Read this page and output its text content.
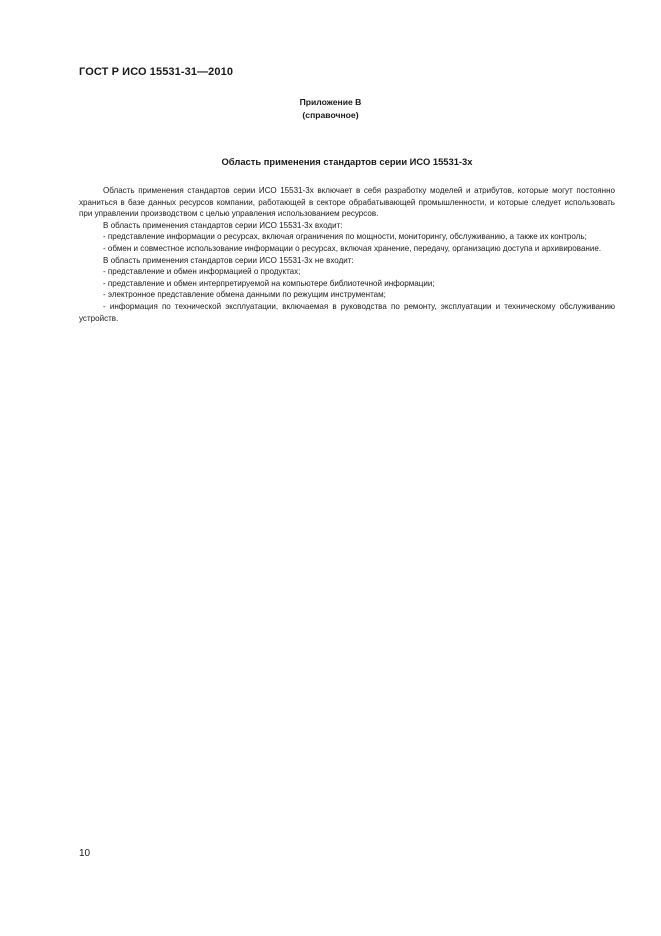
ГОСТ Р ИСО 15531-31—2010
Приложение В
(справочное)
Область применения стандартов серии ИСО 15531-3х

Область применения стандартов серии ИСО 15531-3х включает в себя разработку моделей и атрибутов, которые могут постоянно храниться в базе данных ресурсов компании, работающей в секторе обрабатывающей промышленности, и которые следует использовать при управлении производством с целью управления использованием ресурсов.

В область применения стандартов серии ИСО 15531-3х входит:

- представление информации о ресурсах, включая ограничения по мощности, мониторингу, обслуживанию, а также их контроль;

- обмен и совместное использование информации о ресурсах, включая хранение, передачу, организацию доступа и архивирование.

В область применения стандартов серии ИСО 15531-3х не входит:

- представление и обмен информацией о продуктах;

- представление и обмен интерпретируемой на компьютере библиотечной информации;

- электронное представление обмена данными по режущим инструментам;

- информация по технической эксплуатации, включаемая в руководства по ремонту, эксплуатации и техническому обслуживанию устройств.

10
